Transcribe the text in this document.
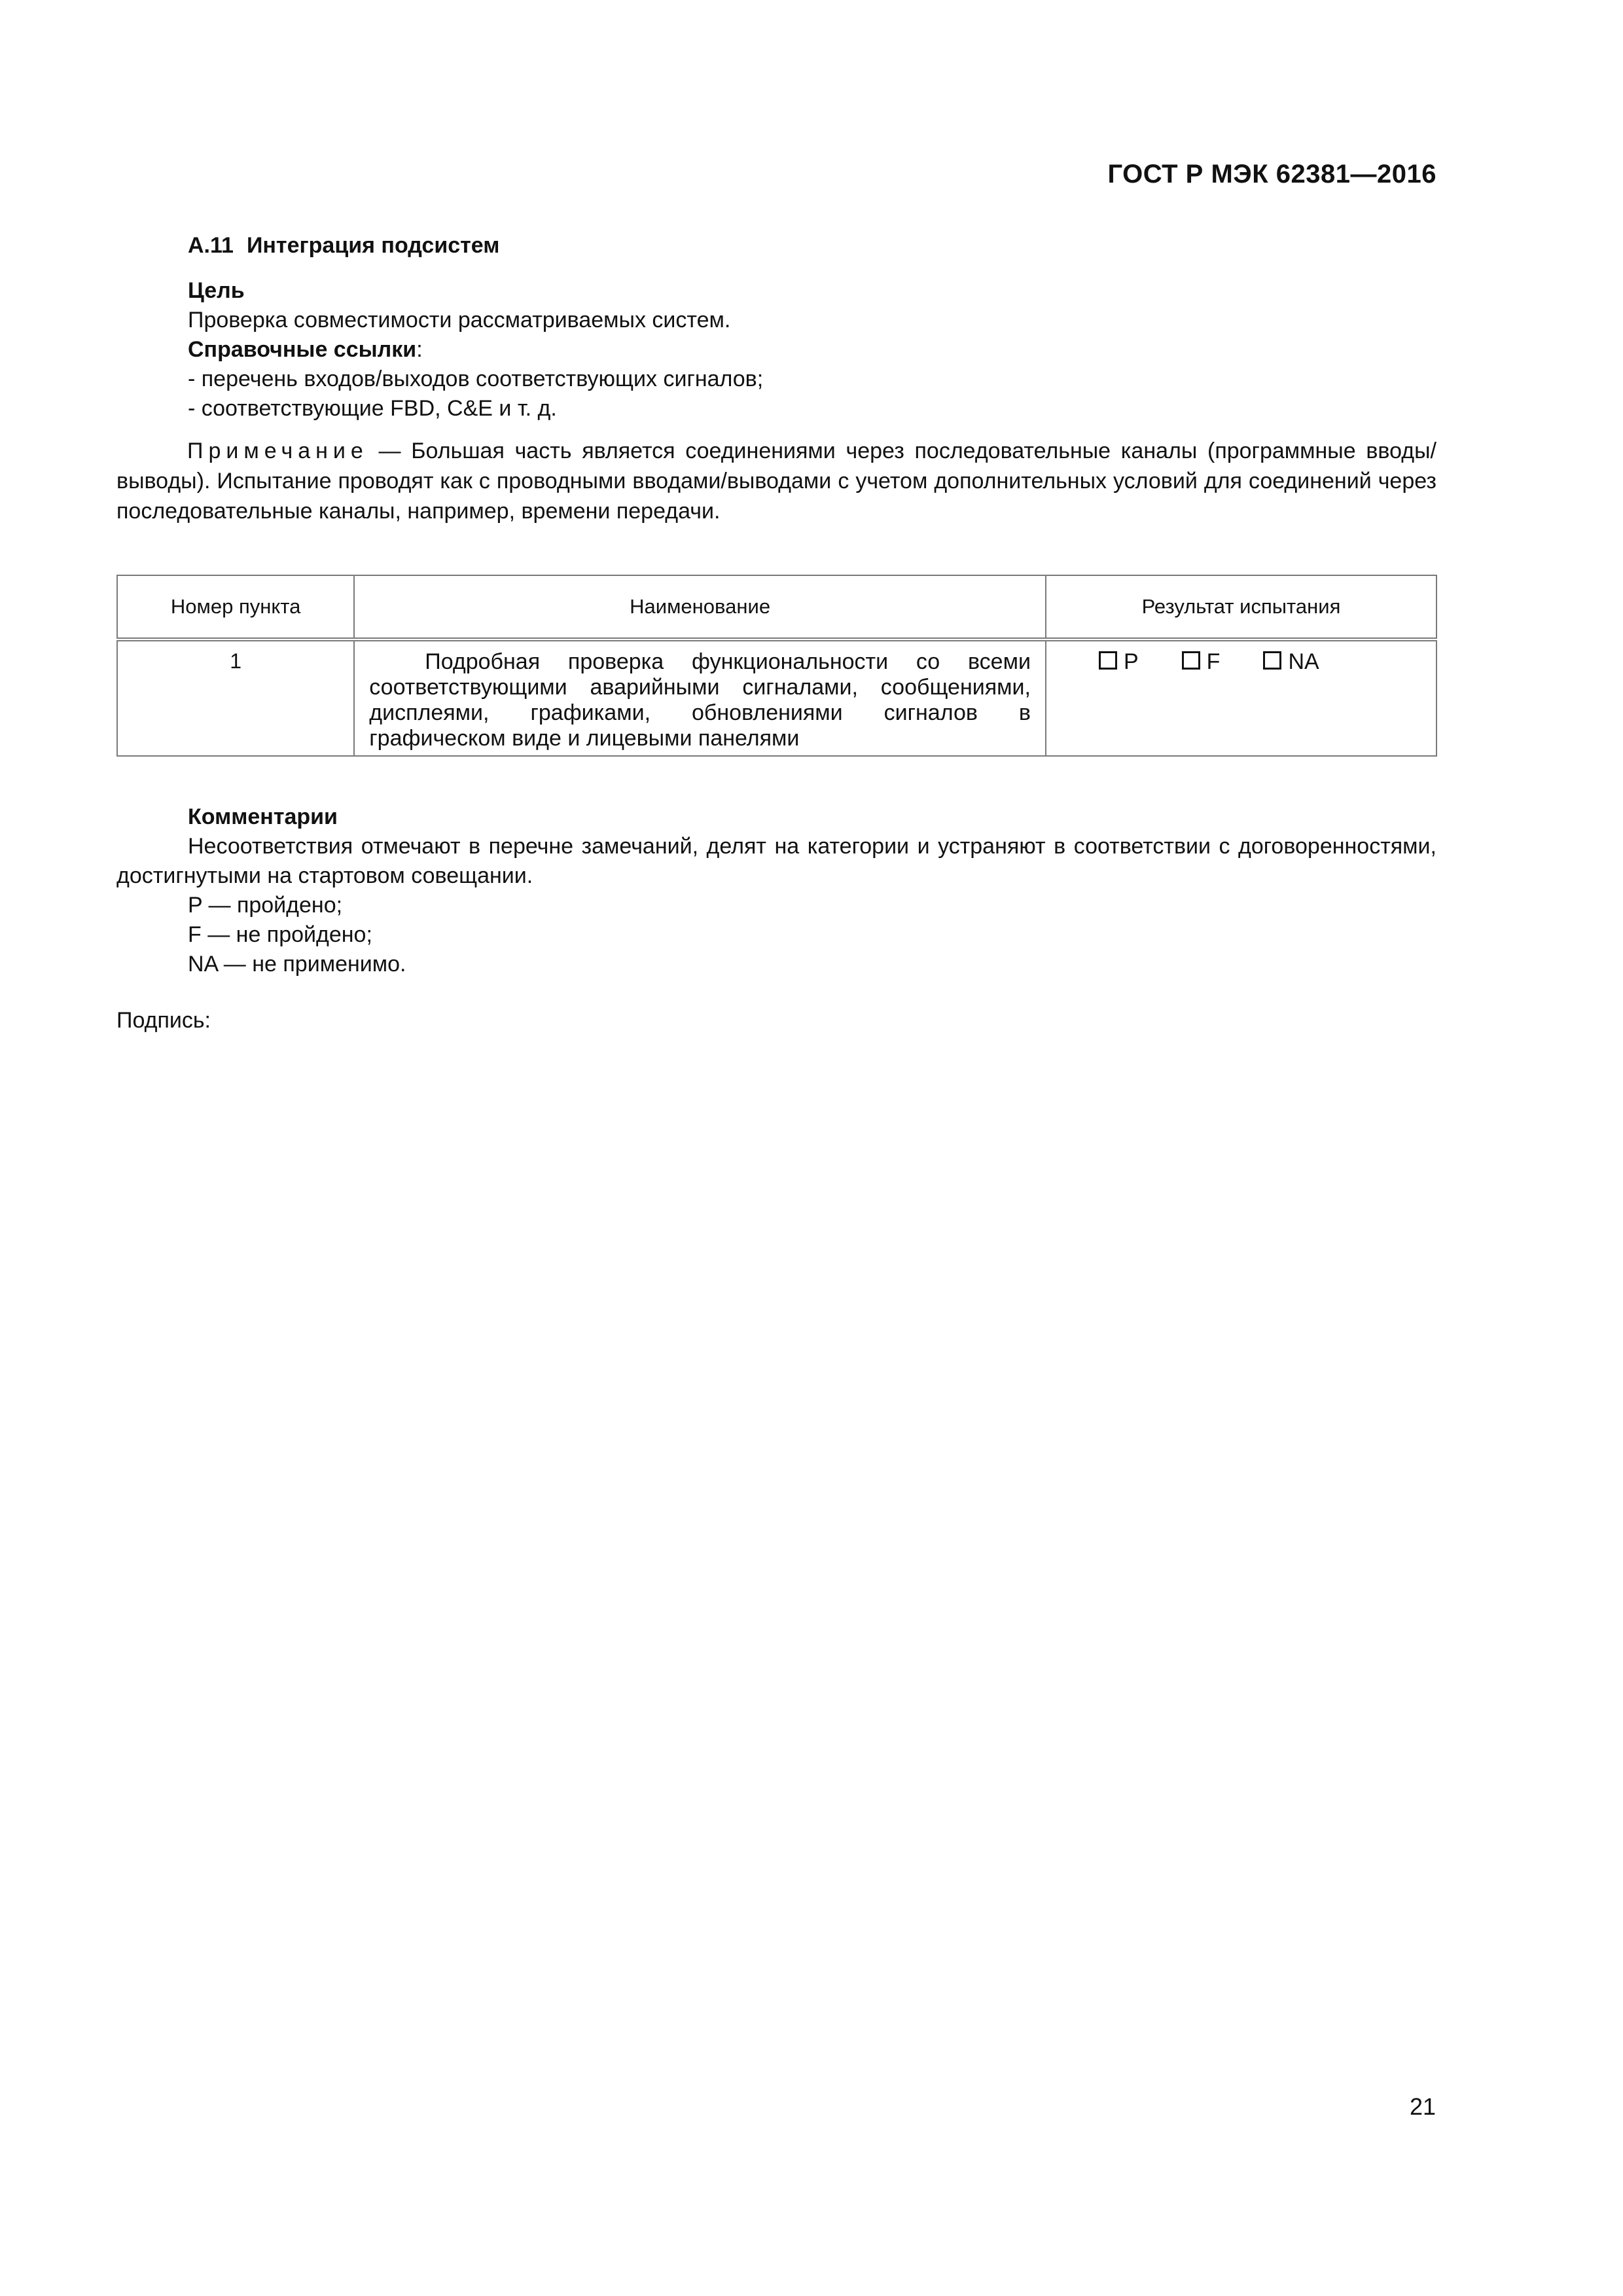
ГОСТ Р МЭК 62381—2016
А.11 Интеграция подсистем
Цель
Проверка совместимости рассматриваемых систем.
Справочные ссылки:
- перечень входов/выходов соответствующих сигналов;
- соответствующие FBD, C&E и т. д.
Примечание — Большая часть является соединениями через последовательные каналы (программные вводы/выводы). Испытание проводят как с проводными вводами/выводами с учетом дополнительных условий для соединений через последовательные каналы, например, времени передачи.
Номер пункта	Наименование	Результат испытания
1	Подробная проверка функциональности со всеми соответствующими аварийными сигналами, сообщениями, дисплеями, графиками, обновлениями сигналов в графическом виде и лицевыми панелями	P F NA
Комментарии
Несоответствия отмечают в перечне замечаний, делят на категории и устраняют в соответствии с договоренностями, достигнутыми на стартовом совещании.
P — пройдено;
F — не пройдено;
NA — не применимо.
Подпись:
21
